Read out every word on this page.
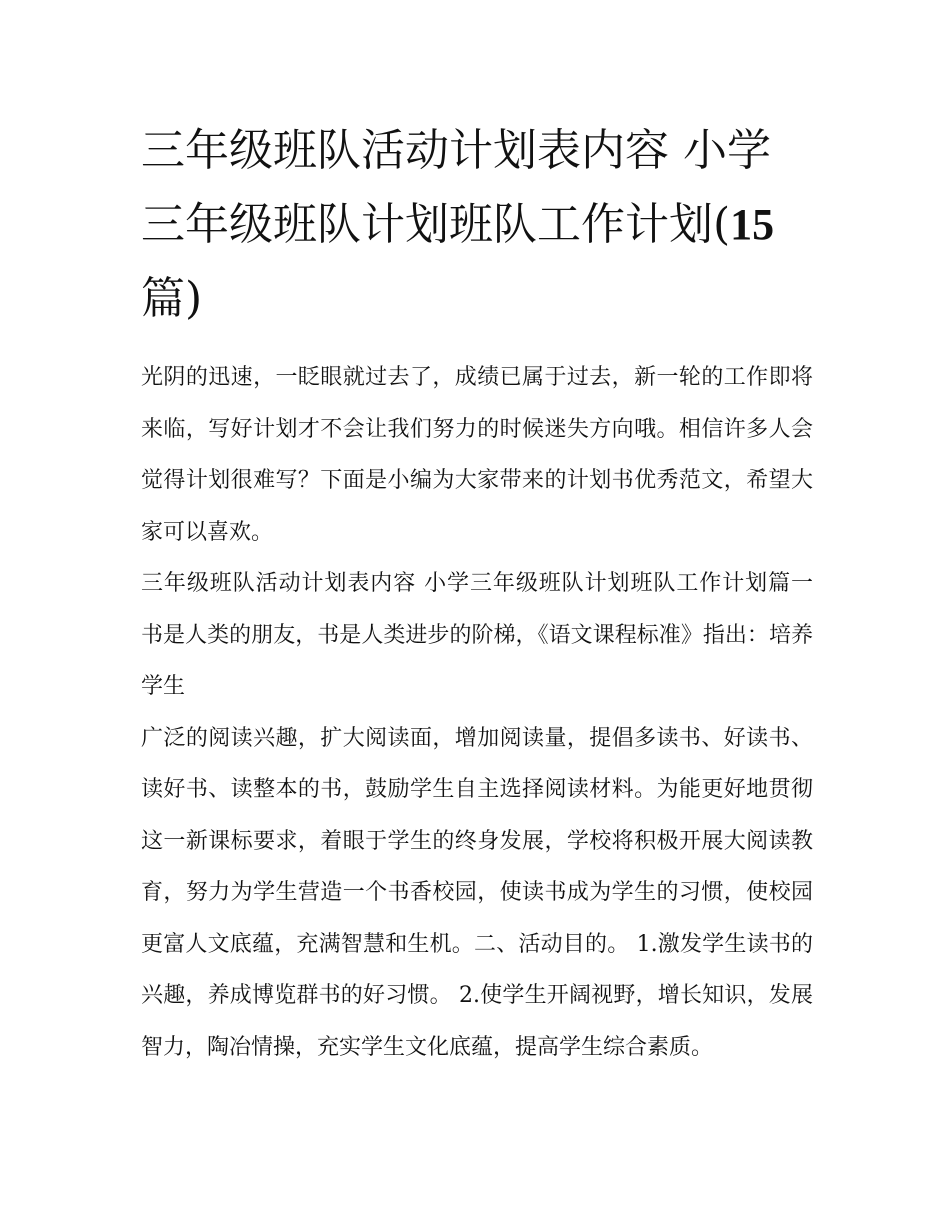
三年级班队活动计划表内容 小学三年级班队计划班队工作计划(15 篇)

光阴的迅速，一眨眼就过去了，成绩已属于过去，新一轮的工作即将来临，写好计划才不会让我们努力的时候迷失方向哦。相信许多人会觉得计划很难写？下面是小编为大家带来的计划书优秀范文，希望大家可以喜欢。

三年级班队活动计划表内容 小学三年级班队计划班队工作计划篇一 书是人类的朋友，书是人类进步的阶梯，《语文课程标准》指出：培养学生

广泛的阅读兴趣，扩大阅读面，增加阅读量，提倡多读书、好读书、读好书、读整本的书，鼓励学生自主选择阅读材料。为能更好地贯彻这一新课标要求，着眼于学生的终身发展，学校将积极开展大阅读教育，努力为学生营造一个书香校园，使读书成为学生的习惯，使校园更富人文底蕴，充满智慧和生机。二、活动目的。 1.激发学生读书的兴趣，养成博览群书的好习惯。 2.使学生开阔视野，增长知识，发展智力，陶冶情操，充实学生文化底蕴，提高学生综合素质。
